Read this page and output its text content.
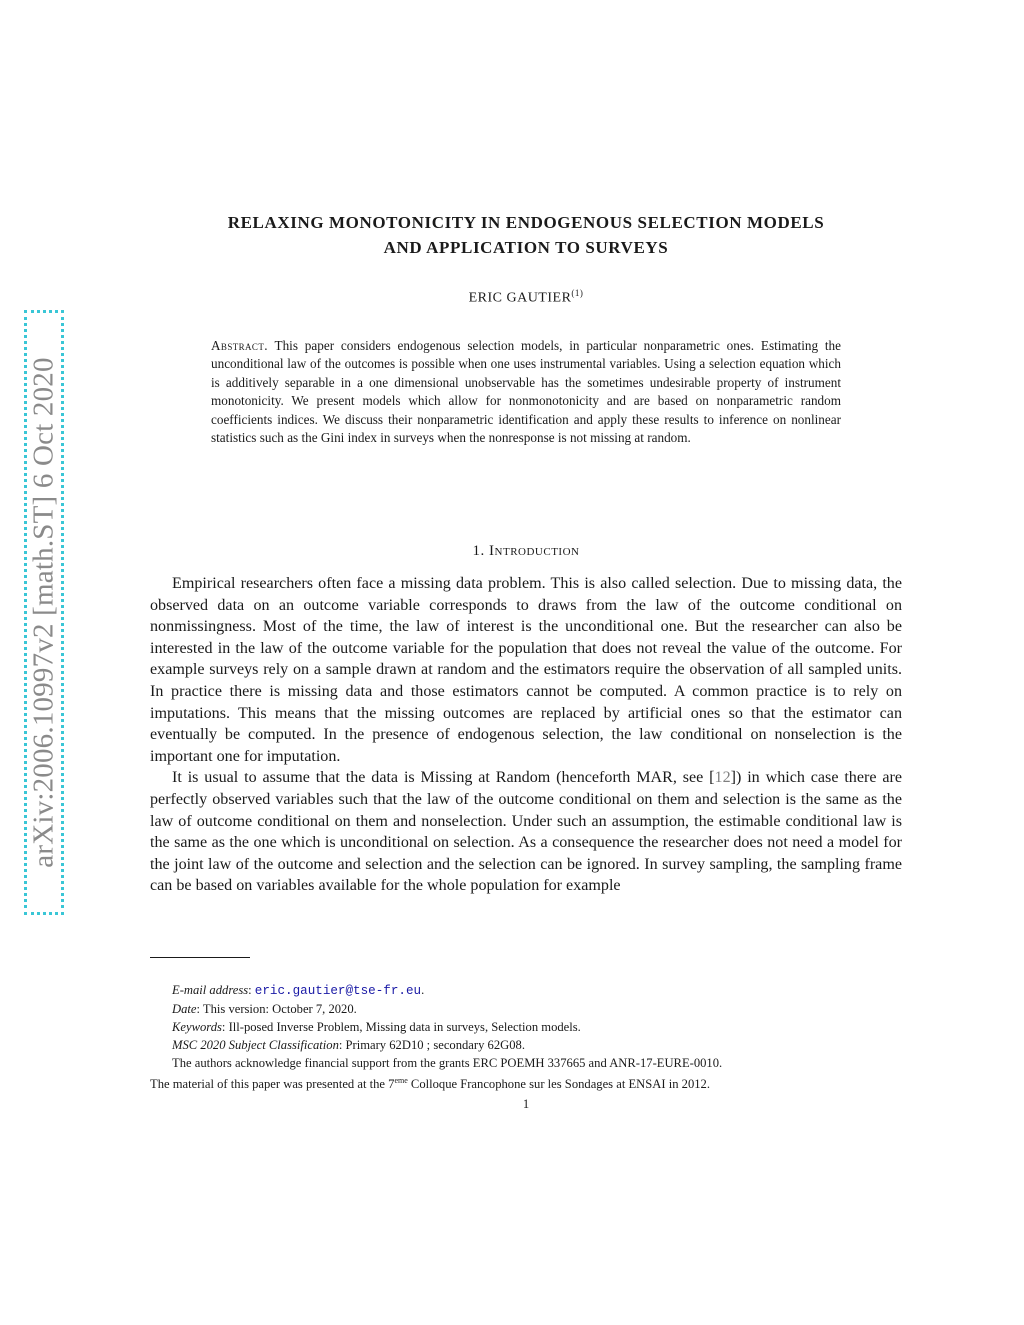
arXiv:2006.10997v2 [math.ST] 6 Oct 2020
RELAXING MONOTONICITY IN ENDOGENOUS SELECTION MODELS
AND APPLICATION TO SURVEYS
ERIC GAUTIER$^{(1)}$
Abstract. This paper considers endogenous selection models, in particular nonparametric ones. Estimating the unconditional law of the outcomes is possible when one uses instrumental variables. Using a selection equation which is additively separable in a one dimensional unobservable has the sometimes undesirable property of instrument monotonicity. We present models which allow for nonmonotonicity and are based on nonparametric random coefficients indices. We discuss their nonparametric identification and apply these results to inference on nonlinear statistics such as the Gini index in surveys when the nonresponse is not missing at random.
1. Introduction

Empirical researchers often face a missing data problem. This is also called selection. Due to missing data, the observed data on an outcome variable corresponds to draws from the law of the outcome conditional on nonmissingness. Most of the time, the law of interest is the unconditional one. But the researcher can also be interested in the law of the outcome variable for the population that does not reveal the value of the outcome. For example surveys rely on a sample drawn at random and the estimators require the observation of all sampled units. In practice there is missing data and those estimators cannot be computed. A common practice is to rely on imputations. This means that the missing outcomes are replaced by artificial ones so that the estimator can eventually be computed. In the presence of endogenous selection, the law conditional on nonselection is the important one for imputation.

It is usual to assume that the data is Missing at Random (henceforth MAR, see [12]) in which case there are perfectly observed variables such that the law of the outcome conditional on them and selection is the same as the law of outcome conditional on them and nonselection. Under such an assumption, the estimable conditional law is the same as the one which is unconditional on selection. As a consequence the researcher does not need a model for the joint law of the outcome and selection and the selection can be ignored. In survey sampling, the sampling frame can be based on variables available for the whole population for example

E-mail address: eric.gautier@tse-fr.eu.
Date: This version: October 7, 2020.
Keywords: Ill-posed Inverse Problem, Missing data in surveys, Selection models.
MSC 2020 Subject Classification: Primary 62D10 ; secondary 62G08.
The authors acknowledge financial support from the grants ERC POEMH 337665 and ANR-17-EURE-0010.
The material of this paper was presented at the 7eme Colloque Francophone sur les Sondages at ENSAI in 2012.
1
